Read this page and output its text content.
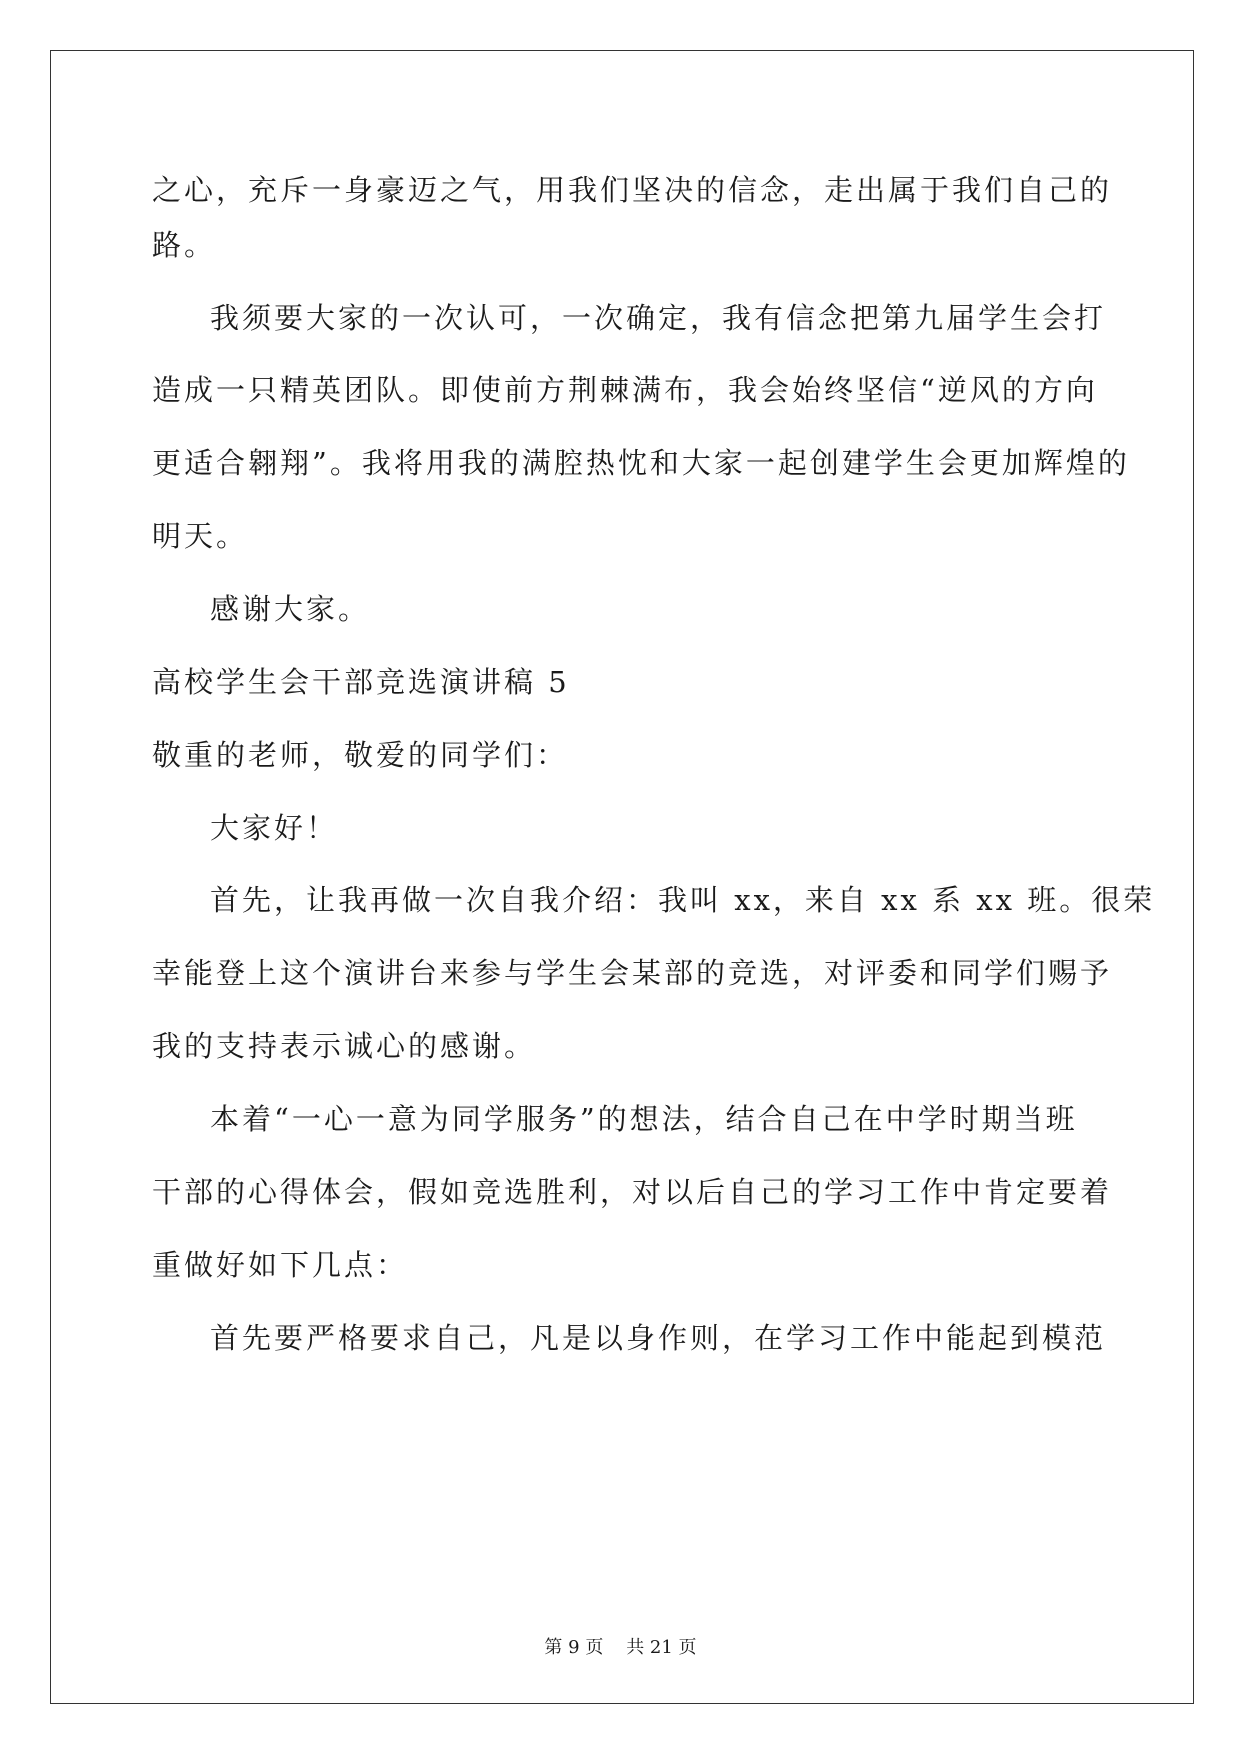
之心，充斥一身豪迈之气，用我们坚决的信念，走出属于我们自己的

路。

我须要大家的一次认可，一次确定，我有信念把第九届学生会打

造成一只精英团队。即使前方荆棘满布，我会始终坚信“逆风的方向

更适合翱翔”。我将用我的满腔热忱和大家一起创建学生会更加辉煌的

明天。

感谢大家。

高校学生会干部竞选演讲稿 5

敬重的老师，敬爱的同学们：

大家好！

首先，让我再做一次自我介绍：我叫 xx，来自 xx 系 xx 班。很荣

幸能登上这个演讲台来参与学生会某部的竞选，对评委和同学们赐予

我的支持表示诚心的感谢。

本着“一心一意为同学服务”的想法，结合自己在中学时期当班

干部的心得体会，假如竞选胜利，对以后自己的学习工作中肯定要着

重做好如下几点：

首先要严格要求自己，凡是以身作则，在学习工作中能起到模范

第 9 页    共 21 页
